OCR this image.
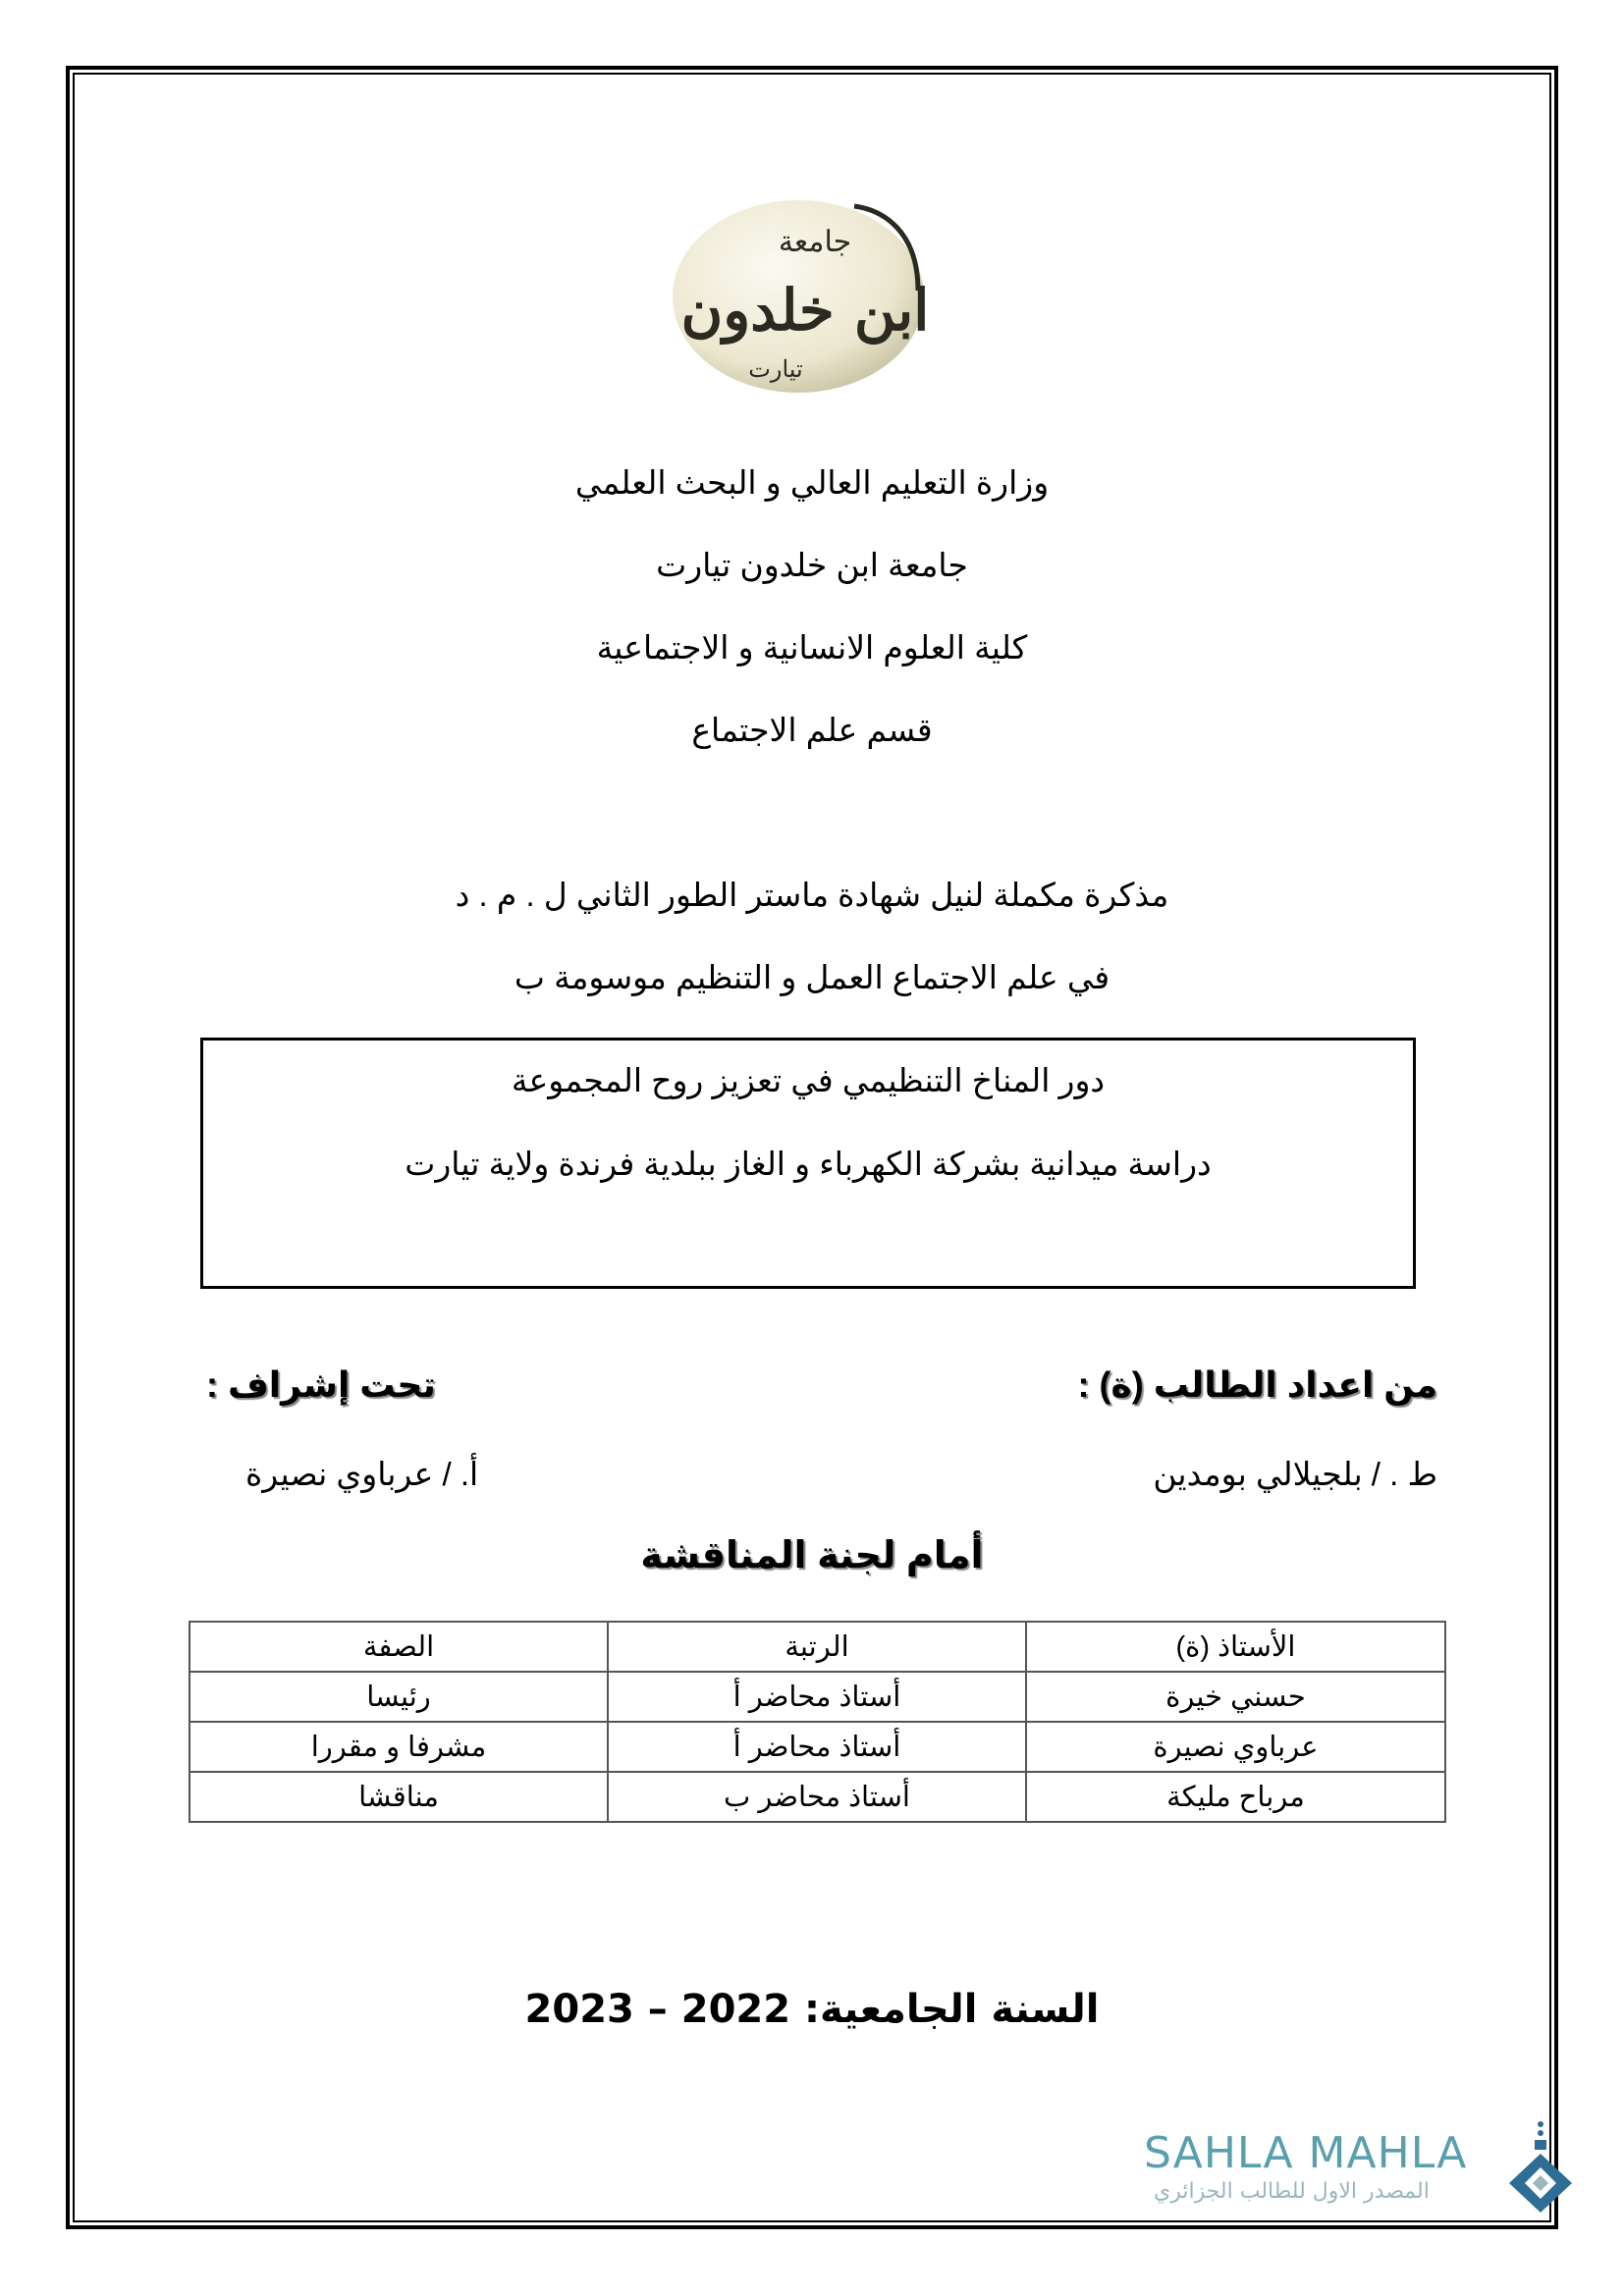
جامعة
ابن خلدون
تيارت
وزارة التعليم العالي و البحث العلمي
جامعة ابن خلدون تيارت
كلية العلوم الانسانية و الاجتماعية
قسم علم الاجتماع
مذكرة مكملة لنيل شهادة ماستر الطور الثاني ل . م . د
في علم الاجتماع العمل و التنظيم موسومة ب
دور المناخ التنظيمي في تعزيز روح المجموعة
دراسة ميدانية بشركة الكهرباء و الغاز ببلدية فرندة ولاية تيارت
من اعداد الطالب (ة) :
تحت إشراف :
ط . / بلجيلالي بومدين
أ. / عرباوي نصيرة
أمام لجنة المناقشة
الأستاذ (ة)	الرتبة	الصفة
حسني خيرة	أستاذ محاضر أ	رئيسا
عرباوي نصيرة	أستاذ محاضر أ	مشرفا و مقررا
مرباح مليكة	أستاذ محاضر ب	مناقشا
السنة الجامعية: 2022 – 2023
SAHLA MAHLA
المصدر الاول للطالب الجزائري
